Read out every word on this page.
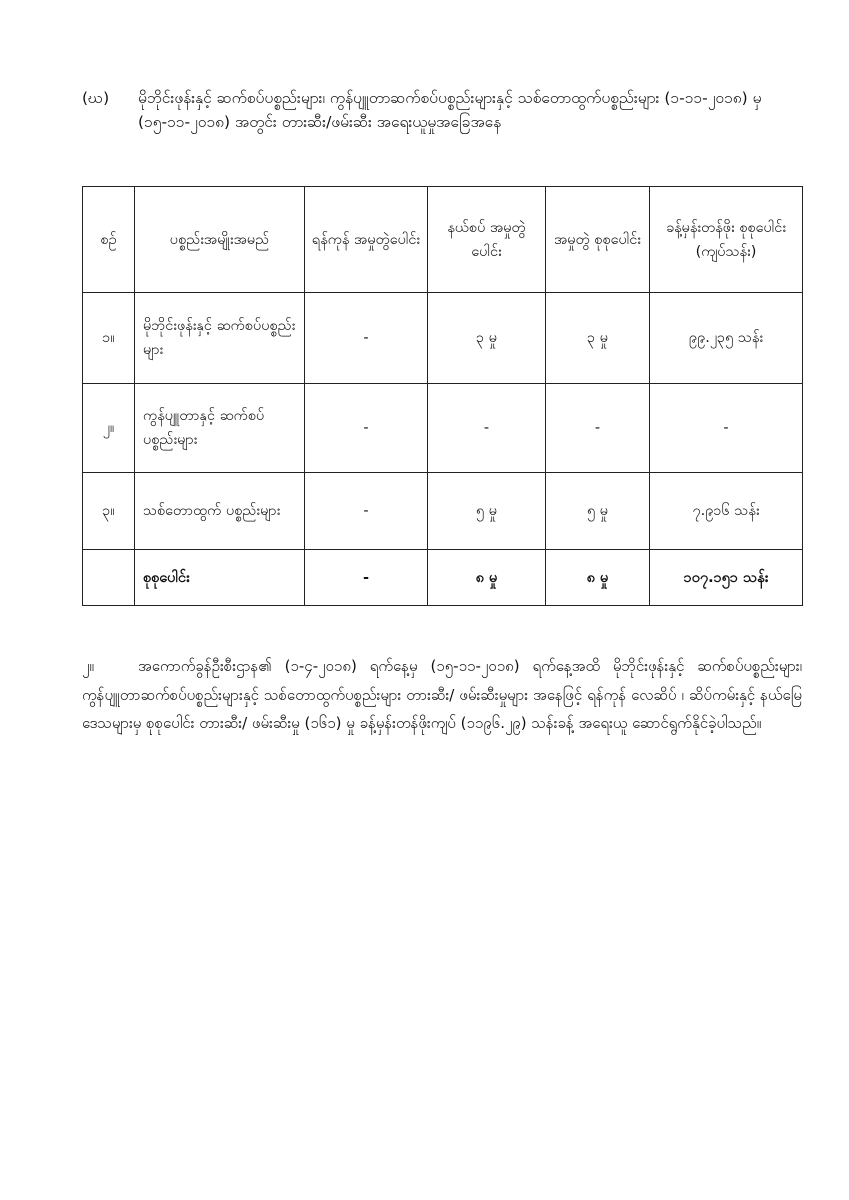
(ဃ) မိုဘိုင်းဖုန်းနှင့် ဆက်စပ်ပစ္စည်းများ၊ ကွန်ပျူတာဆက်စပ်ပစ္စည်းများနှင့် သစ်တောထွက်ပစ္စည်းများ (၁-၁၁-၂၀၁၈) မှ (၁၅-၁၁-၂၀၁၈) အတွင်း တားဆီး/ဖမ်းဆီး အရေးယူမှုအခြေအနေ
စဉ်	ပစ္စည်းအမျိုးအမည်	ရန်ကုန် အမှုတွဲပေါင်း	နယ်စပ် အမှုတွဲပေါင်း	အမှုတွဲ စုစုပေါင်း	ခန့်မှန်းတန်ဖိုး စုစုပေါင်း (ကျပ်သန်း)
၁။	မိုဘိုင်းဖုန်းနှင့် ဆက်စပ်ပစ္စည်းများ	-	၃ မှု	၃ မှု	၉၉.၂၃၅ သန်း
၂။	ကွန်ပျူတာနှင့် ဆက်စပ်ပစ္စည်းများ	-	-	-	-
၃။	သစ်တောထွက် ပစ္စည်းများ	-	၅ မှု	၅ မှု	၇.၉၁၆ သန်း
	စုစုပေါင်း	-	၈ မှု	၈ မှု	၁၀၇.၁၅၁ သန်း
၂။	အကောက်ခွန်ဦးစီးဌာန၏ (၁-၄-၂၀၁၈) ရက်နေ့မှ (၁၅-၁၁-၂၀၁၈) ရက်နေ့အထိ မိုဘိုင်းဖုန်းနှင့် ဆက်စပ်ပစ္စည်းများ၊ ကွန်ပျူတာဆက်စပ်ပစ္စည်းများနှင့် သစ်တောထွက်ပစ္စည်းများ တားဆီး/ ဖမ်းဆီးမှုများ အနေဖြင့် ရန်ကုန် လေဆိပ် ၊ ဆိပ်ကမ်းနှင့် နယ်မြေဒေသများမှ စုစုပေါင်း တားဆီး/ ဖမ်းဆီးမှု (၁၆၁) မှု ခန့်မှန်းတန်ဖိုးကျပ် (၁၁၉၆.၂၉) သန်းခန့် အရေးယူ ဆောင်ရွက်နိုင်ခဲ့ပါသည်။
